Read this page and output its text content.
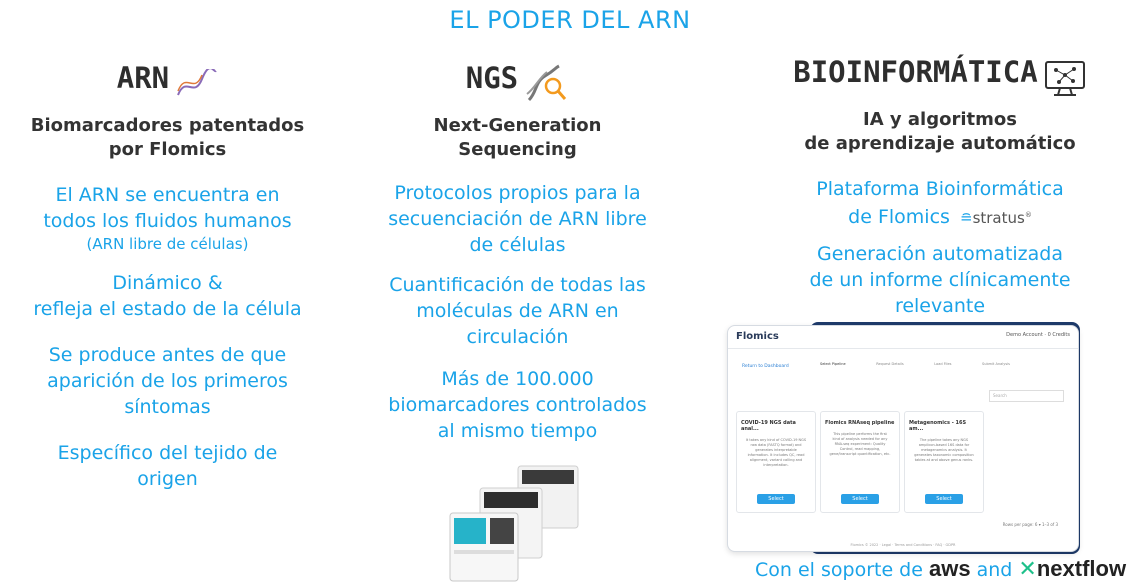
EL PODER DEL ARN
ARN
Biomarcadores patentados
por Flomics
El ARN se encuentra en
todos los fluidos humanos
(ARN libre de células)
Dinámico &
refleja el estado de la célula
Se produce antes de que
aparición de los primeros
síntomas
Específico del tejido de
origen
NGS
Next-Generation
Sequencing
Protocolos propios para la
secuenciación de ARN libre
de células
Cuantificación de todas las
moléculas de ARN en
circulación
Más de 100.000
biomarcadores controlados
al mismo tiempo
BIOINFORMÁTICA
IA y algoritmos
de aprendizaje automático
Plataforma Bioinformática
de Flomics ≘stratus®
Generación automatizada
de un informe clínicamente
relevante
Flomics	Demo Account · 0 Credits
Return to Dashboard	Select Pipeline	Request Details	Load Files	Submit Analysis
Search
COVID-19 NGS data anal...
It takes any kind of COVID-19 NGS raw data (FASTQ format) and generates interpretable information. It includes QC, read alignment, variant calling and interpretation.
Select
Flomics RNAseq pipeline
This pipeline performs the first kind of analysis needed for any RNA-seq experiment: Quality Control, read mapping, gene/transcript quantification, etc.
Select
Metagenomics - 16S am...
The pipeline takes any NGS amplicon-based 16S data for metagenomics analysis. It generates taxonomic composition tables at and above genus ranks.
Select
Rows per page: 6 ▾ 1–3 of 3
Flomics © 2022 · Legal · Terms and Conditions · FAQ · GDPR
Con el soporte de aws and ✕nextflow
